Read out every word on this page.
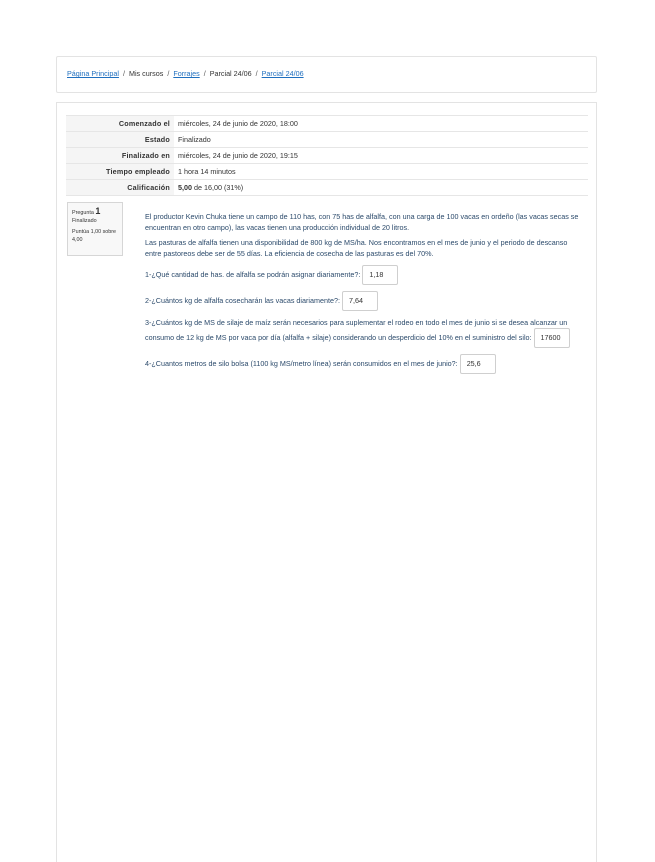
Página Principal / Mis cursos / Forrajes / Parcial 24/06 / Parcial 24/06
Comenzado el	miércoles, 24 de junio de 2020, 18:00
Estado	Finalizado
Finalizado en	miércoles, 24 de junio de 2020, 19:15
Tiempo empleado	1 hora 14 minutos
Calificación	5,00 de 16,00 (31%)
Pregunta 1
Finalizado
Puntúa 1,00 sobre 4,00

El productor Kevin Chuka tiene un campo de 110 has, con 75 has de alfalfa, con una carga de 100 vacas en ordeño (las vacas secas se encuentran en otro campo), las vacas tienen una producción individual de 20 litros.

Las pasturas de alfalfa tienen una disponibilidad de 800 kg de MS/ha. Nos encontramos en el mes de junio y el periodo de descanso entre pastoreos debe ser de 55 días. La eficiencia de cosecha de las pasturas es del 70%.

1-¿Qué cantidad de has. de alfalfa se podrán asignar diariamente?: 1,18

2-¿Cuántos kg de alfalfa cosecharán las vacas diariamente?: 7,64

3-¿Cuántos kg de MS de silaje de maíz serán necesarios para suplementar el rodeo en todo el mes de junio si se desea alcanzar un consumo de 12 kg de MS por vaca por día (alfalfa + silaje) considerando un desperdicio del 10% en el suministro del silo: 17600

4-¿Cuantos metros de silo bolsa (1100 kg MS/metro línea) serán consumidos en el mes de junio?: 25,6
